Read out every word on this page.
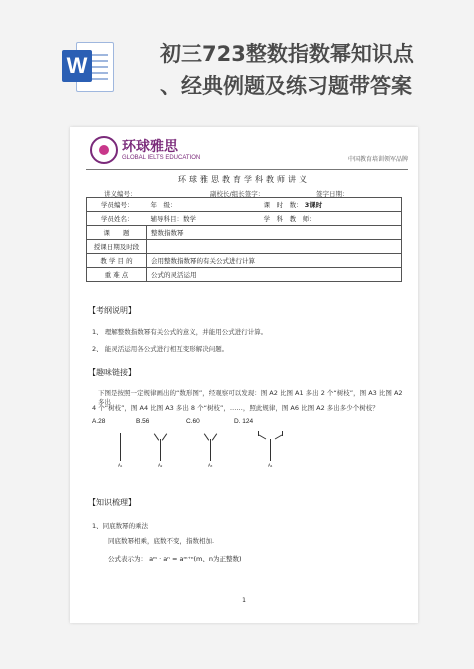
W	初三723整数指数幂知识点
、经典例题及练习题带答案
环球雅思
GLOBAL IELTS EDUCATION	中国教育培训领军品牌
环球雅思教育学科教师讲义
讲义编号：	副校长/组长签字：	签字日期：
学员编号：	年　级：	课　时　数： 3课时
学员姓名：	辅导科目：数学	学　科　教　师：
课　　题	整数指数幂	
授课日期及时段		
教 学 目 的	会用整数指数幂的有关公式进行计算	
重 难 点	公式的灵活运用	
【考纲说明】
1、 理解整数指数幂有关公式的意义，并能用公式进行计算。
2、 能灵活运用各公式进行相互变形解决问题。
【趣味链接】
下图是按照一定规律画出的“数形图”，经观察可以发现：图 A2 比图 A1 多出 2 个“树枝”，图 A3 比图 A2 多出
4 个“树枝”，图 A4 比图 A3 多出 8 个“树枝”，……，照此规律，图 A6 比图 A2 多出多少个树枝？
A.28	B.56	C.60	D. 124
A₁	A₂	A₃	A₄
【知识梳理】
1、同底数幂的乘法
同底数幂相乘，底数不变，指数相加.
公式表示为： aᵐ · aⁿ = aᵐ⁺ⁿ(m、n为正整数)
1
